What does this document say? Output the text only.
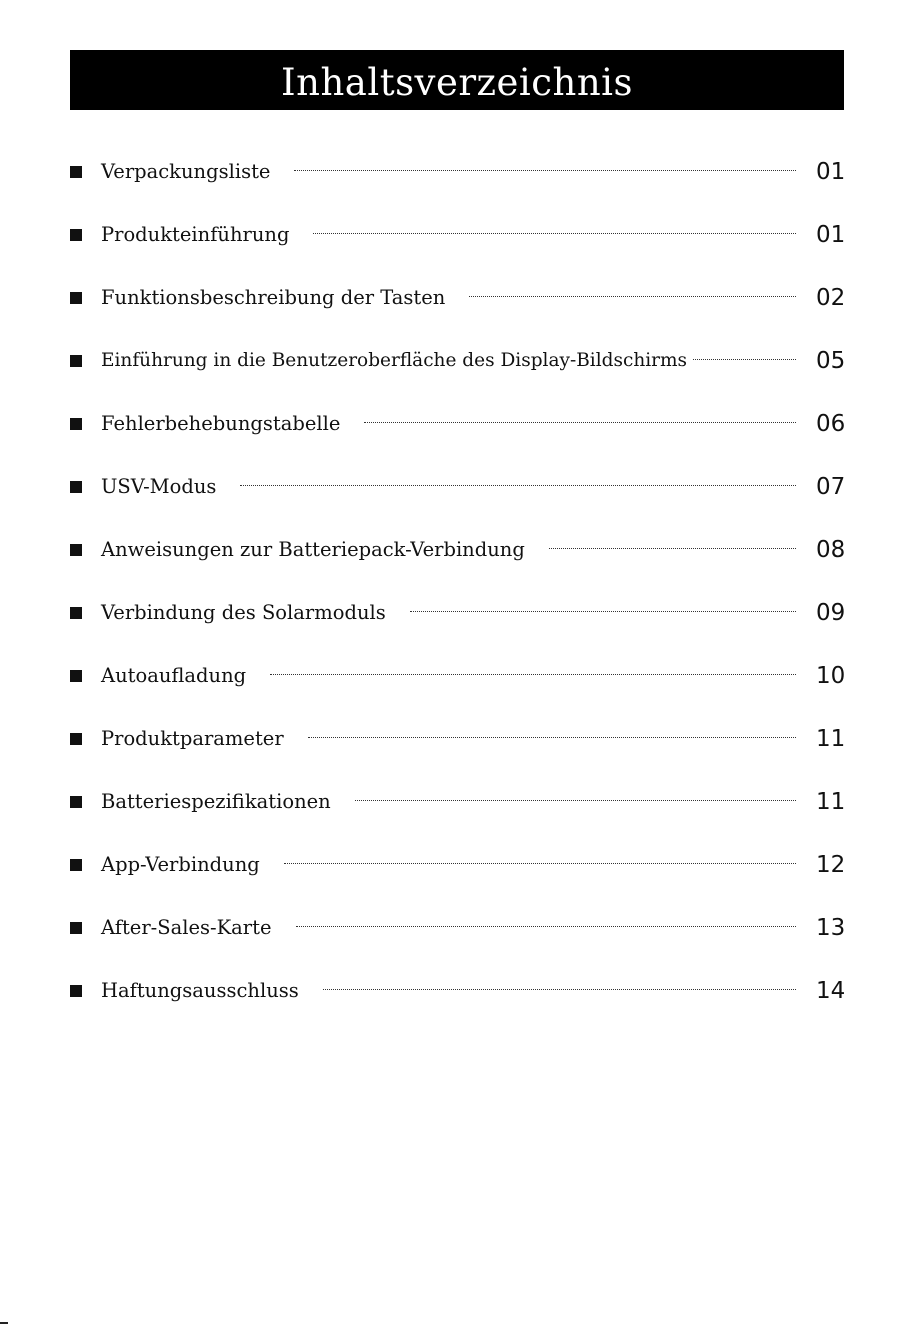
Inhaltsverzeichnis
Verpackungsliste	01
Produkteinführung	01
Funktionsbeschreibung der Tasten	02
Einführung in die Benutzeroberfläche des Display-Bildschirms	05
Fehlerbehebungstabelle	06
USV-Modus	07
Anweisungen zur Batteriepack-Verbindung	08
Verbindung des Solarmoduls	09
Autoaufladung	10
Produktparameter	11
Batteriespezifikationen	11
App-Verbindung	12
After-Sales-Karte	13
Haftungsausschluss	14
